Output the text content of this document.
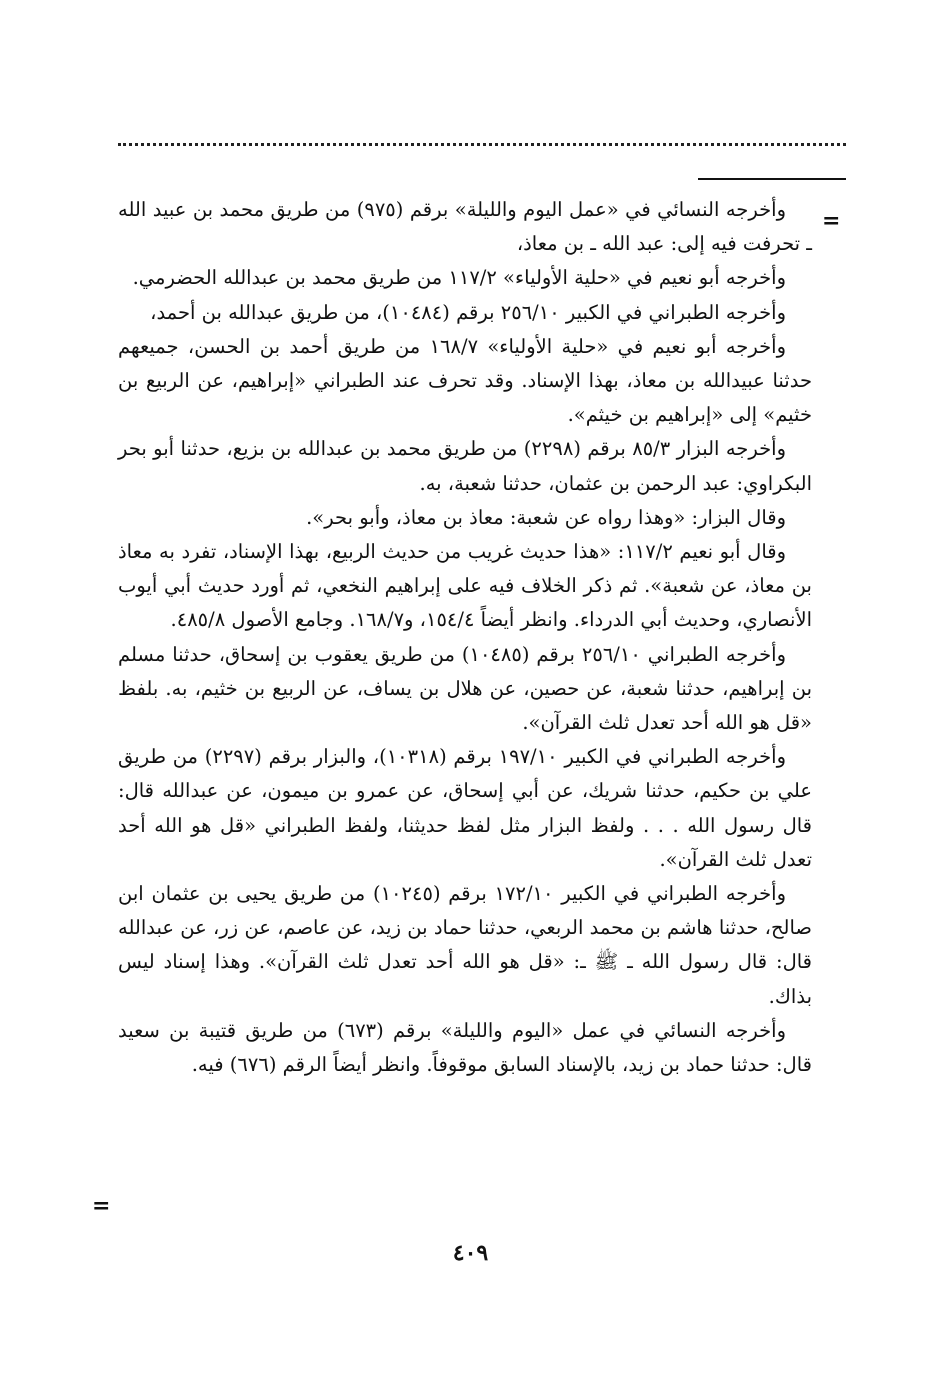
=

وأخرجه النسائي في «عمل اليوم والليلة» برقم (٩٧٥) من طريق محمد بن عبيد الله ـ تحرفت فيه إلى: عبد الله ـ بن معاذ،

وأخرجه أبو نعيم في «حلية الأولياء» ١١٧/٢ من طريق محمد بن عبدالله الحضرمي.

وأخرجه الطبراني في الكبير ٢٥٦/١٠ برقم (١٠٤٨٤)، من طريق عبدالله بن أحمد،

وأخرجه أبو نعيم في «حلية الأولياء» ١٦٨/٧ من طريق أحمد بن الحسن، جميعهم حدثنا عبيدالله بن معاذ، بهذا الإسناد. وقد تحرف عند الطبراني «إبراهيم، عن الربيع بن خثيم» إلى «إبراهيم بن خيثم».

وأخرجه البزار ٨٥/٣ برقم (٢٢٩٨) من طريق محمد بن عبدالله بن بزيع، حدثنا أبو بحر البكراوي: عبد الرحمن بن عثمان، حدثنا شعبة، به.

وقال البزار: «وهذا رواه عن شعبة: معاذ بن معاذ، وأبو بحر».

وقال أبو نعيم ١١٧/٢: «هذا حديث غريب من حديث الربيع، بهذا الإسناد، تفرد به معاذ بن معاذ، عن شعبة». ثم ذكر الخلاف فيه على إبراهيم النخعي، ثم أورد حديث أبي أيوب الأنصاري، وحديث أبي الدرداء. وانظر أيضاً ١٥٤/٤، و١٦٨/٧. وجامع الأصول ٤٨٥/٨.

وأخرجه الطبراني ٢٥٦/١٠ برقم (١٠٤٨٥) من طريق يعقوب بن إسحاق، حدثنا مسلم بن إبراهيم، حدثنا شعبة، عن حصين، عن هلال بن يساف، عن الربيع بن خثيم، به. بلفظ «قل هو الله أحد تعدل ثلث القرآن».

وأخرجه الطبراني في الكبير ١٩٧/١٠ برقم (١٠٣١٨)، والبزار برقم (٢٢٩٧) من طريق علي بن حكيم، حدثنا شريك، عن أبي إسحاق، عن عمرو بن ميمون، عن عبدالله قال: قال رسول الله . . . ولفظ البزار مثل لفظ حديثنا، ولفظ الطبراني «قل هو الله أحد تعدل ثلث القرآن».

وأخرجه الطبراني في الكبير ١٧٢/١٠ برقم (١٠٢٤٥) من طريق يحيى بن عثمان ابن صالح، حدثنا هاشم بن محمد الربعي، حدثنا حماد بن زيد، عن عاصم، عن زر، عن عبدالله قال: قال رسول الله ـ ﷺ ـ: «قل هو الله أحد تعدل ثلث القرآن». وهذا إسناد ليس بذاك.

وأخرجه النسائي في عمل «اليوم والليلة» برقم (٦٧٣) من طريق قتيبة بن سعيد قال: حدثنا حماد بن زيد، بالإسناد السابق موقوفاً. وانظر أيضاً الرقم (٦٧٦) فيه.

=
٤٠٩
